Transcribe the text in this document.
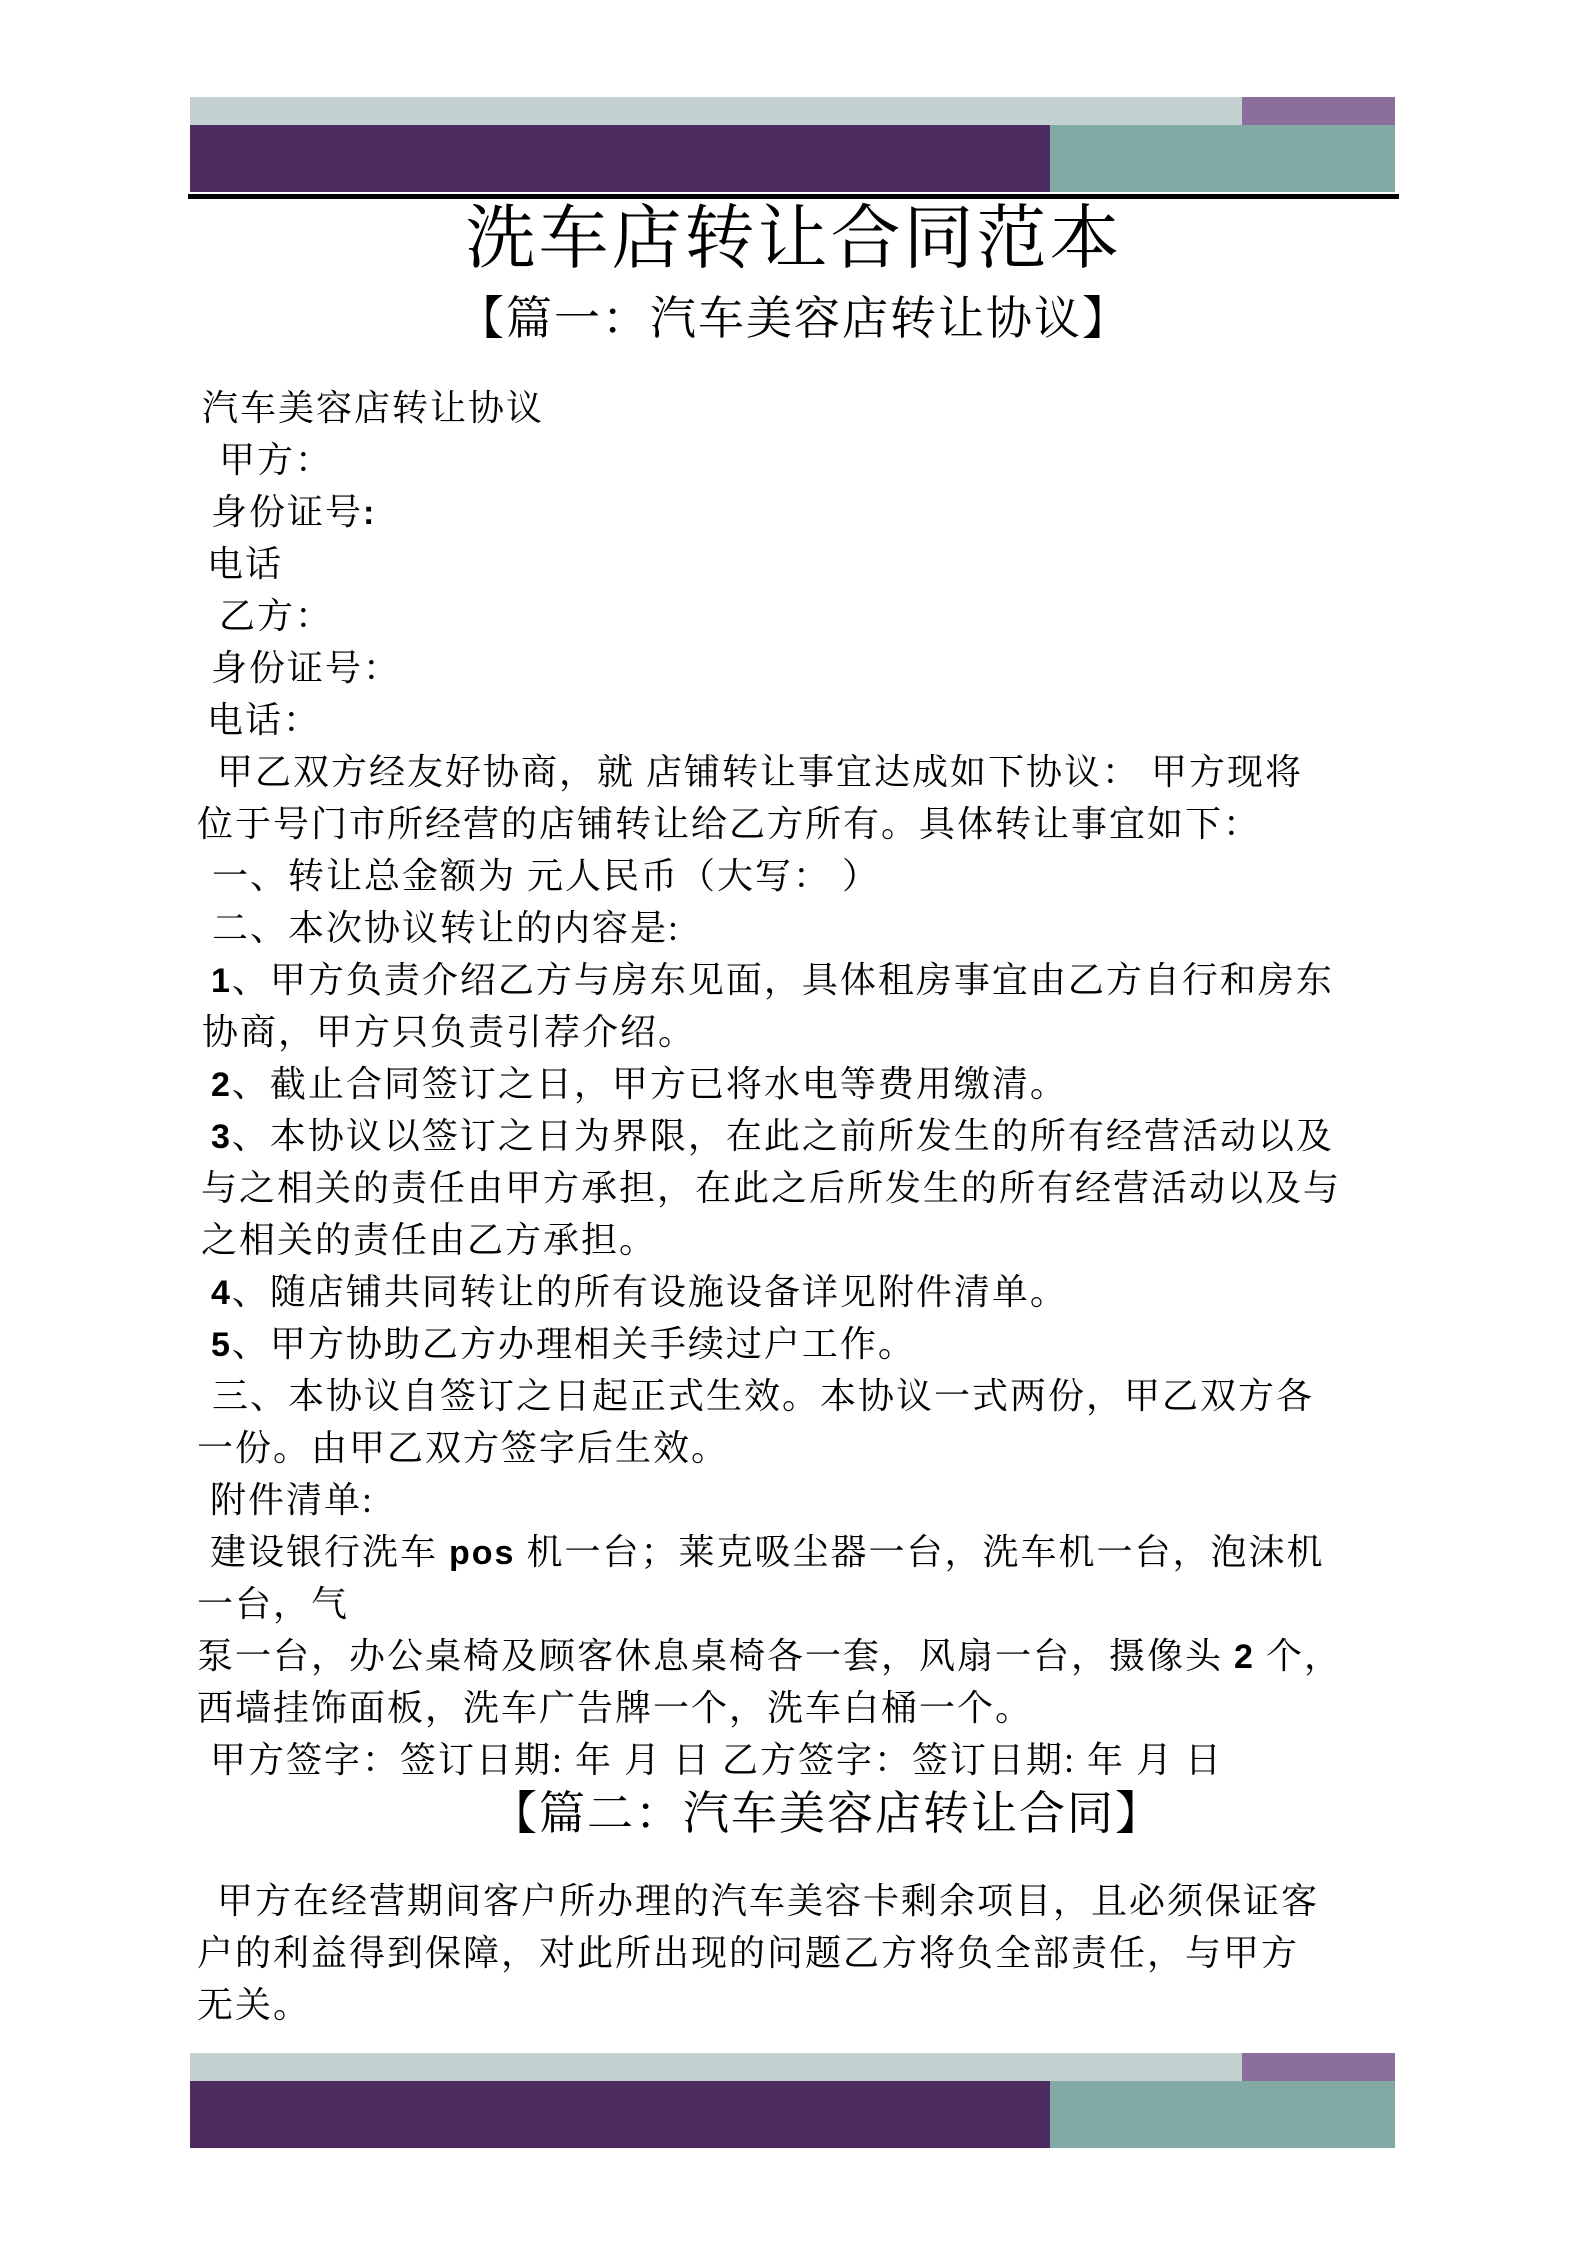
洗车店转让合同范本
【篇一：汽车美容店转让协议】
汽车美容店转让协议
甲方：
身份证号:
电话
乙方：
身份证号：
电话：
甲乙双方经友好协商，就 店铺转让事宜达成如下协议： 甲方现将
位于号门市所经营的店铺转让给乙方所有。具体转让事宜如下：
一、转让总金额为 元人民币（大写： ）
二、本次协议转让的内容是:
1、甲方负责介绍乙方与房东见面，具体租房事宜由乙方自行和房东
协商，甲方只负责引荐介绍。
2、截止合同签订之日，甲方已将水电等费用缴清。
3、本协议以签订之日为界限，在此之前所发生的所有经营活动以及
与之相关的责任由甲方承担，在此之后所发生的所有经营活动以及与
之相关的责任由乙方承担。
4、随店铺共同转让的所有设施设备详见附件清单。
5、甲方协助乙方办理相关手续过户工作。
三、本协议自签订之日起正式生效。本协议一式两份，甲乙双方各
一份。由甲乙双方签字后生效。
附件清单:
建设银行洗车 pos 机一台；莱克吸尘器一台，洗车机一台，泡沫机
一台，气
泵一台，办公桌椅及顾客休息桌椅各一套，风扇一台，摄像头 2 个，
西墙挂饰面板，洗车广告牌一个，洗车白桶一个。
甲方签字：签订日期: 年 月 日 乙方签字：签订日期: 年 月 日
【篇二：汽车美容店转让合同】
甲方在经营期间客户所办理的汽车美容卡剩余项目，且必须保证客
户的利益得到保障，对此所出现的问题乙方将负全部责任，与甲方
无关。
